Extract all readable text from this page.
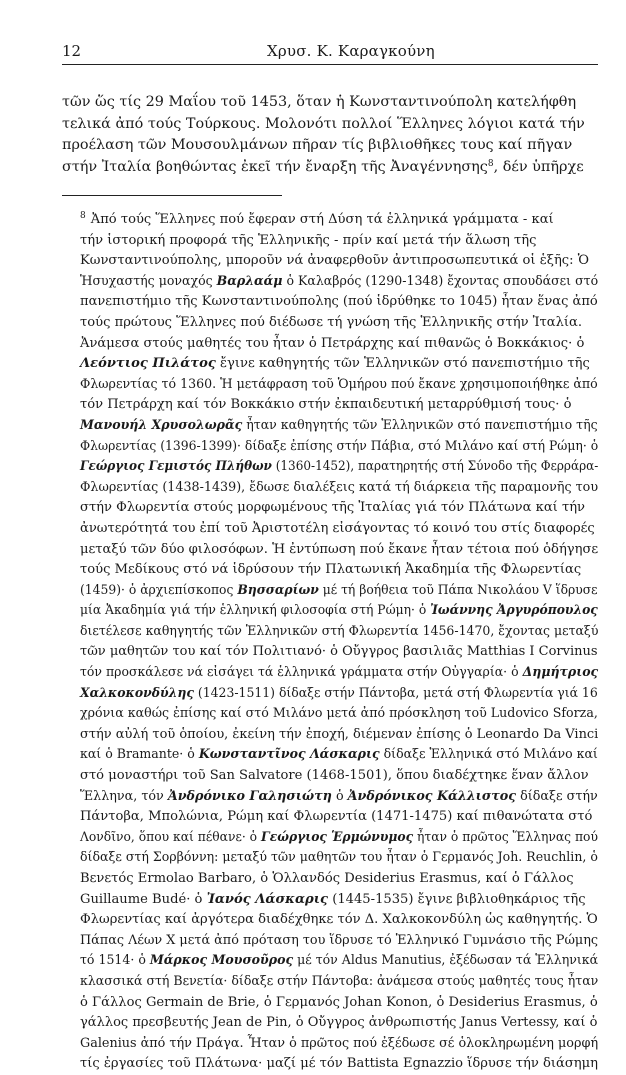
12	Χρυσ. Κ. Καραγκούνη
τῶν ὥς τίς 29 Μαΐου τοῦ 1453, ὅταν ἡ Κωνσταντινούπολη κατελήφθη
τελικά ἀπό τούς Τούρκους. Μολονότι πολλοί Ἕλληνες λόγιοι κατά τήν
προέλαση τῶν Μουσουλμάνων πῆραν τίς βιβλιοθῆκες τους καί πῆγαν
στήν Ἰταλία βοηθώντας ἐκεῖ τήν ἔναρξη τῆς Ἀναγέννησης$^8$, δέν ὑπῆρχε
$^8$ Ἀπό τούς Ἕλληνες πού ἔφεραν στή Δύση τά ἑλληνικά γράμματα - καί
τήν ἱστορική προφορά τῆς Ἑλληνικῆς - πρίν καί μετά τήν ἅλωση τῆς
Κωνσταντινούπολης, μποροῦν νά ἀναφερθοῦν ἀντιπροσωπευτικά οἱ ἑξῆς: Ὁ
Ἡσυχαστής μοναχός Βαρλαάμ ὁ Καλαβρός (1290-1348) ἔχοντας σπουδάσει στό
πανεπιστήμιο τῆς Κωνσταντινούπολης (πού ἱδρύθηκε το 1045) ἦταν ἕνας ἀπό
τούς πρώτους Ἕλληνες πού διέδωσε τή γνώση τῆς Ἑλληνικῆς στήν Ἰταλία.
Ἀνάμεσα στούς μαθητές του ἦταν ὁ Πετράρχης καί πιθανῶς ὁ Βοκκάκιος· ὁ
Λεόντιος Πιλάτος ἔγινε καθηγητής τῶν Ἑλληνικῶν στό πανεπιστήμιο τῆς
Φλωρεντίας τό 1360. Ἡ μετάφραση τοῦ Ὁμήρου πού ἔκανε χρησιμοποιήθηκε ἀπό
τόν Πετράρχη καί τόν Βοκκάκιο στήν ἐκπαιδευτική μεταρρύθμισή τους· ὁ
Μανουήλ Χρυσολωρᾶς ἦταν καθηγητής τῶν Ἑλληνικῶν στό πανεπιστήμιο τῆς
Φλωρεντίας (1396-1399)· δίδαξε ἐπίσης στήν Πάβια, στό Μιλάνο καί στή Ρώμη· ὁ
Γεώργιος Γεμιστός Πλήθων (1360-1452), παρατηρητής στή Σύνοδο τῆς Φερράρα-
Φλωρεντίας (1438-1439), ἔδωσε διαλέξεις κατά τή διάρκεια τῆς παραμονῆς του
στήν Φλωρεντία στούς μορφωμένους τῆς Ἰταλίας γιά τόν Πλάτωνα καί τήν
ἀνωτερότητά του ἐπί τοῦ Ἀριστοτέλη εἰσάγοντας τό κοινό του στίς διαφορές
μεταξύ τῶν δύο φιλοσόφων. Ἡ ἐντύπωση πού ἔκανε ἦταν τέτοια πού ὁδήγησε
τούς Μεδίκους στό νά ἱδρύσουν τήν Πλατωνική Ἀκαδημία τῆς Φλωρεντίας
(1459)· ὁ ἀρχιεπίσκοπος Βησσαρίων μέ τή βοήθεια τοῦ Πάπα Νικολάου V ἵδρυσε
μία Ἀκαδημία γιά τήν ἑλληνική φιλοσοφία στή Ρώμη· ὁ Ἰωάννης Ἀργυρόπουλος
διετέλεσε καθηγητής τῶν Ἑλληνικῶν στή Φλωρεντία 1456-1470, ἔχοντας μεταξύ
τῶν μαθητῶν του καί τόν Πολιτιανό· ὁ Οὔγγρος βασιλιᾶς Matthias I Corvinus
τόν προσκάλεσε νά εἰσάγει τά ἑλληνικά γράμματα στήν Οὐγγαρία· ὁ Δημήτριος
Χαλκοκονδύλης (1423-1511) δίδαξε στήν Πάντοβα, μετά στή Φλωρεντία γιά 16
χρόνια καθώς ἐπίσης καί στό Μιλάνο μετά ἀπό πρόσκληση τοῦ Ludovico Sforza,
στήν αὐλή τοῦ ὁποίου, ἐκείνη τήν ἐποχή, διέμεναν ἐπίσης ὁ Leonardo Da Vinci
καί ὁ Bramante· ὁ Κωνσταντῖνος Λάσκαρις δίδαξε Ἑλληνικά στό Μιλάνο καί
στό μοναστήρι τοῦ San Salvatore (1468-1501), ὅπου διαδέχτηκε ἕναν ἄλλον
Ἕλληνα, τόν Ἀνδρόνικο Γαλησιώτη ὁ Ἀνδρόνικος Κάλλιστος δίδαξε στήν
Πάντοβα, Μπολώνια, Ρώμη καί Φλωρεντία (1471-1475) καί πιθανώτατα στό
Λονδῖνο, ὅπου καί πέθανε· ὁ Γεώργιος Ἑρμώνυμος ἦταν ὁ πρῶτος Ἕλληνας πού
δίδαξε στή Σορβόννη: μεταξύ τῶν μαθητῶν του ἦταν ὁ Γερμανός Joh. Reuchlin, ὁ
Βενετός Ermolao Barbaro, ὁ Ὁλλανδός Desiderius Erasmus, καί ὁ Γάλλος
Guillaume Budé· ὁ Ἰανός Λάσκαρις (1445-1535) ἔγινε βιβλιοθηκάριος τῆς
Φλωρεντίας καί ἀργότερα διαδέχθηκε τόν Δ. Χαλκοκονδύλη ὡς καθηγητής. Ὁ
Πάπας Λέων X μετά ἀπό πρόταση του ἵδρυσε τό Ἑλληνικό Γυμνάσιο τῆς Ρώμης
τό 1514· ὁ Μάρκος Μουσοῦρος μέ τόν Aldus Manutius, ἐξέδωσαν τά Ἑλληνικά
κλασσικά στή Βενετία· δίδαξε στήν Πάντοβα: ἀνάμεσα στούς μαθητές τους ἦταν
ὁ Γάλλος Germain de Brie, ὁ Γερμανός Johan Konon, ὁ Desiderius Erasmus, ὁ
γάλλος πρεσβευτής Jean de Pin, ὁ Οὔγγρος ἀνθρωπιστής Janus Vertessy, καί ὁ
Galenius ἀπό τήν Πράγα. Ἦταν ὁ πρῶτος πού ἐξέδωσε σέ ὁλοκληρωμένη μορφή
τίς ἐργασίες τοῦ Πλάτωνα· μαζί μέ τόν Battista Egnazzio ἵδρυσε τήν διάσημη
